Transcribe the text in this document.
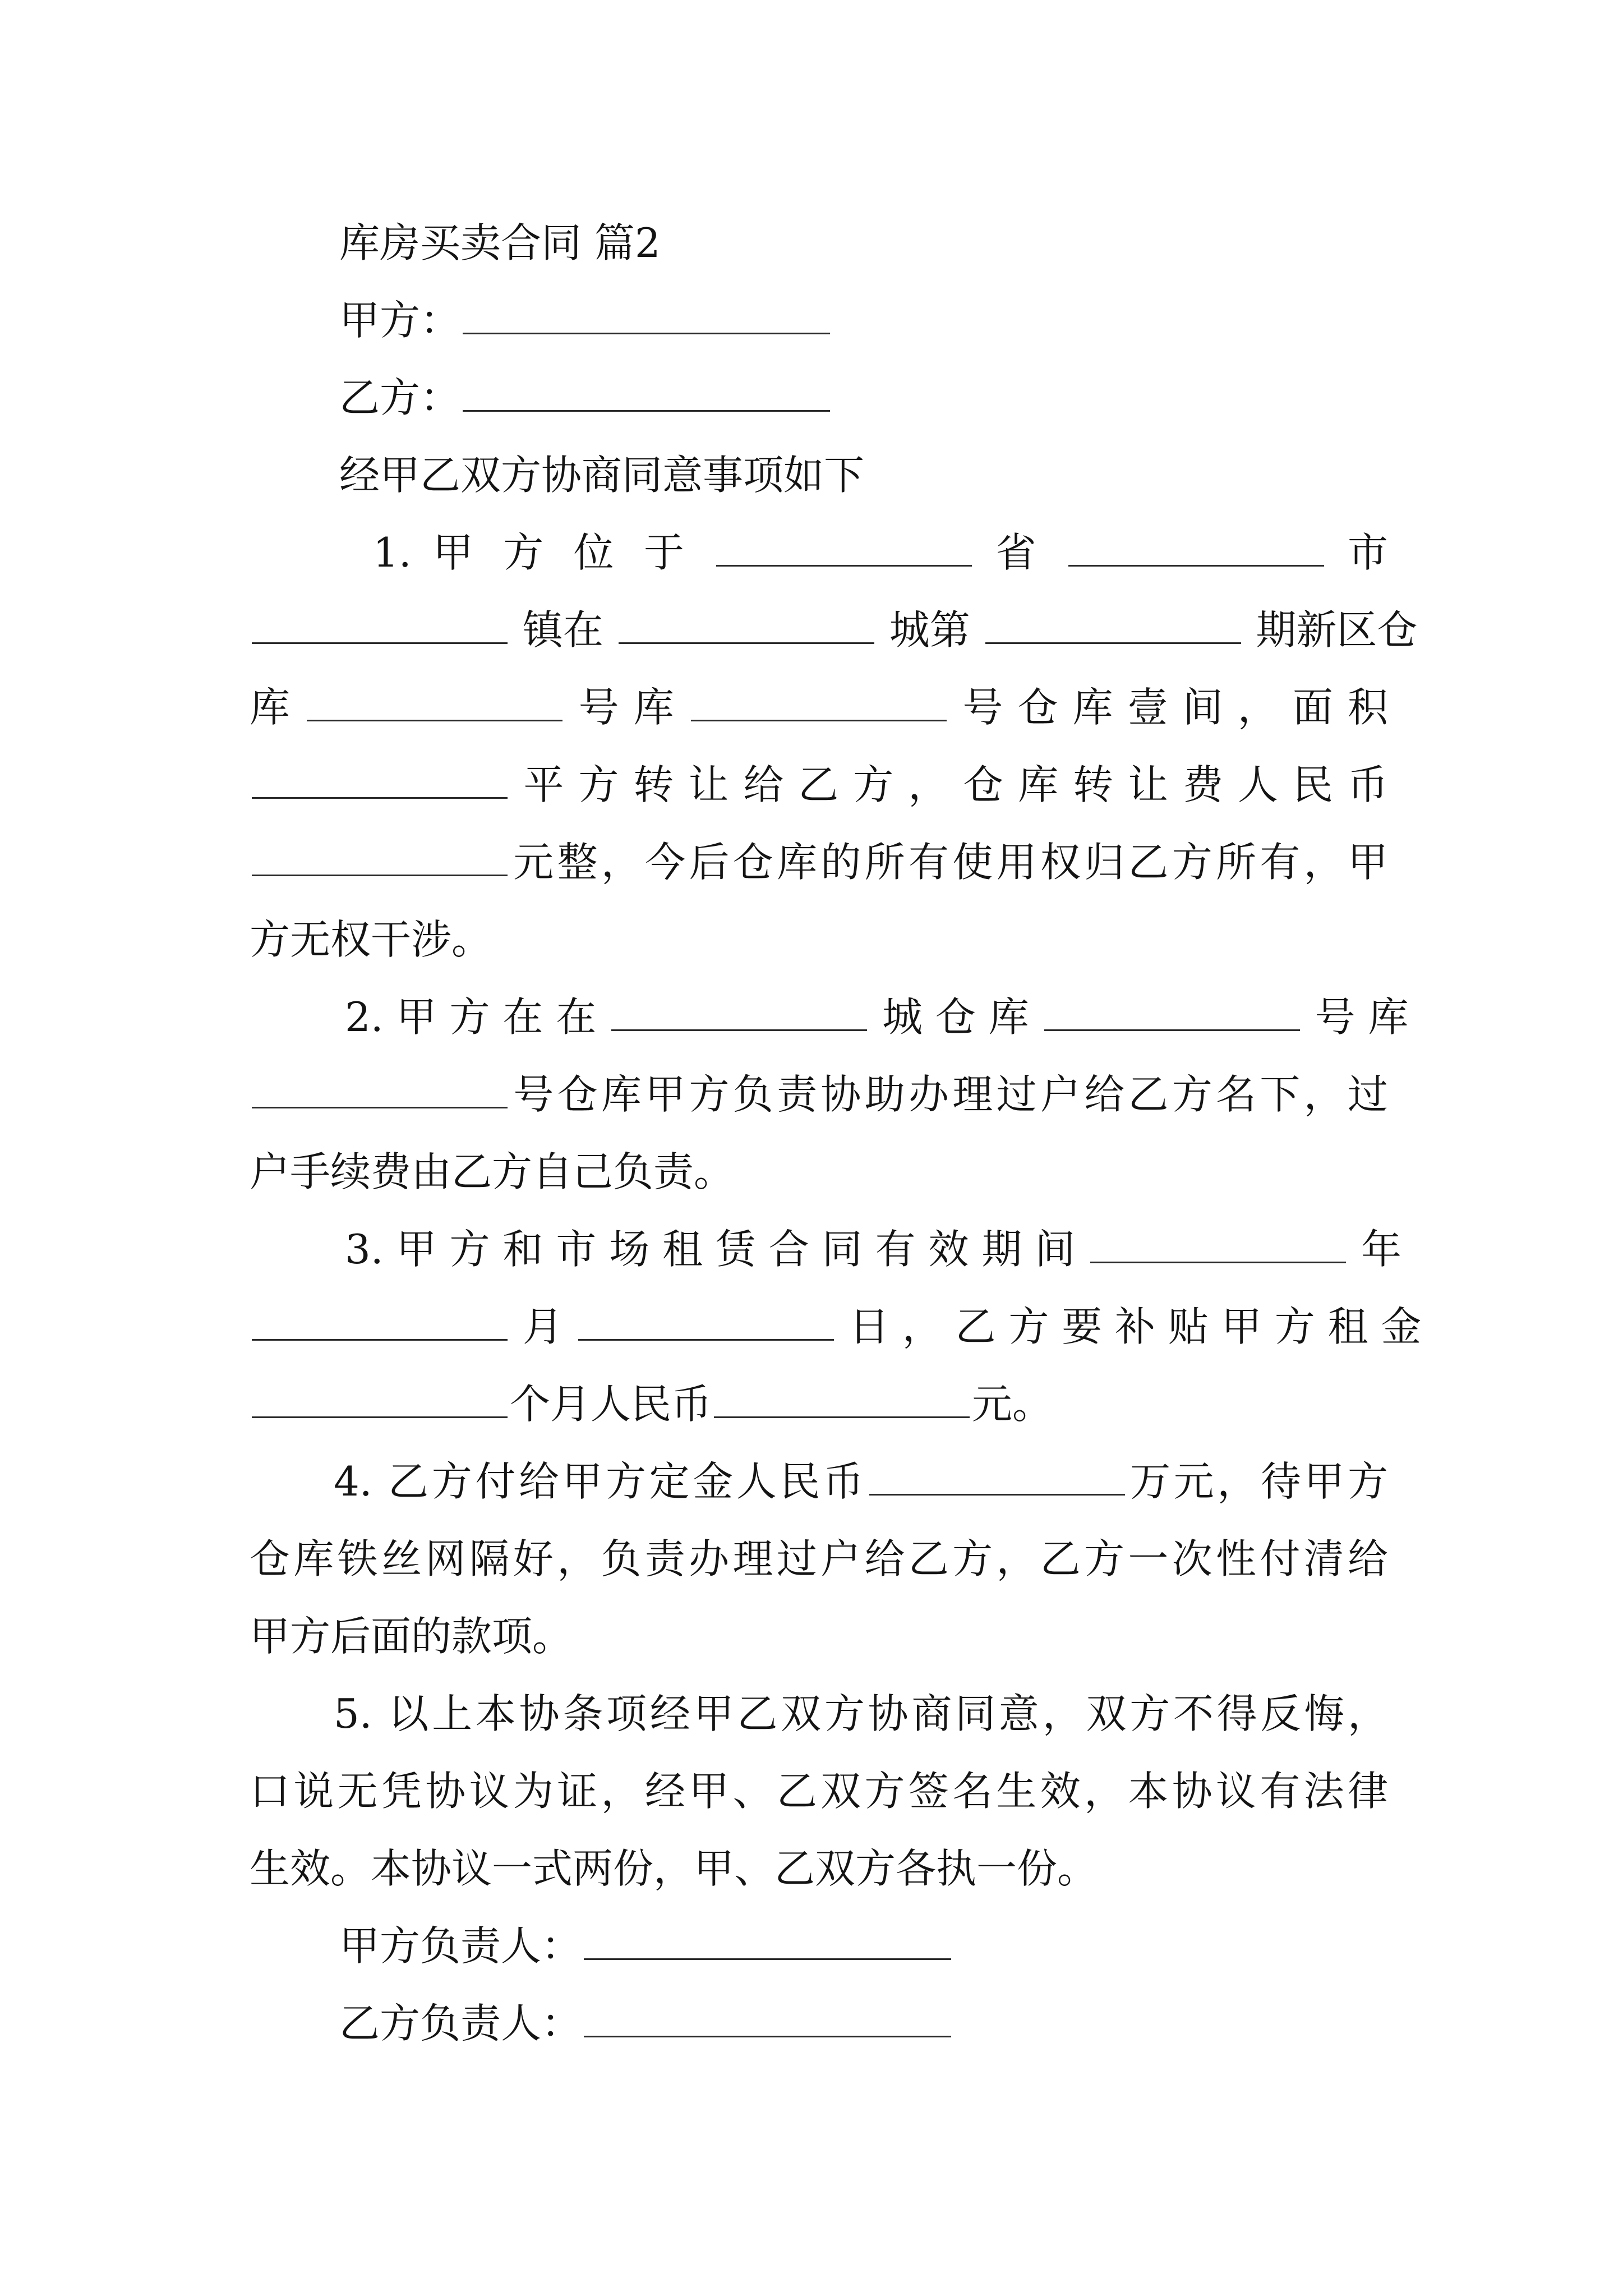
库房买卖合同 篇2
甲方：
乙方：
经甲乙双方协商同意事项如下
1. 甲 方 位 于	省	市
镇在	城第	期新区仓
库	号 库	号 仓 库 壹 间 ， 面 积
平 方 转 让 给 乙 方 ， 仓 库 转 让 费 人 民 币
元整，今后仓库的所有使用权归乙方所有，甲
方无权干涉。
2. 甲 方 在 在	城 仓 库	号 库
号仓库甲方负责协助办理过户给乙方名下，过
户手续费由乙方自己负责。
3. 甲 方 和 市 场 租 赁 合 同 有 效 期 间	年
月	日 ， 乙 方 要 补 贴 甲 方 租 金
个月人民币	元。
4. 乙方付给甲方定金人民币	万元，待甲方
仓库铁丝网隔好，负责办理过户给乙方，乙方一次性付清给
甲方后面的款项。
5. 以上本协条项经甲乙双方协商同意，双方不得反悔，
口说无凭协议为证，经甲、乙双方签名生效，本协议有法律
生效。本协议一式两份，甲、乙双方各执一份。
甲方负责人：
乙方负责人：
